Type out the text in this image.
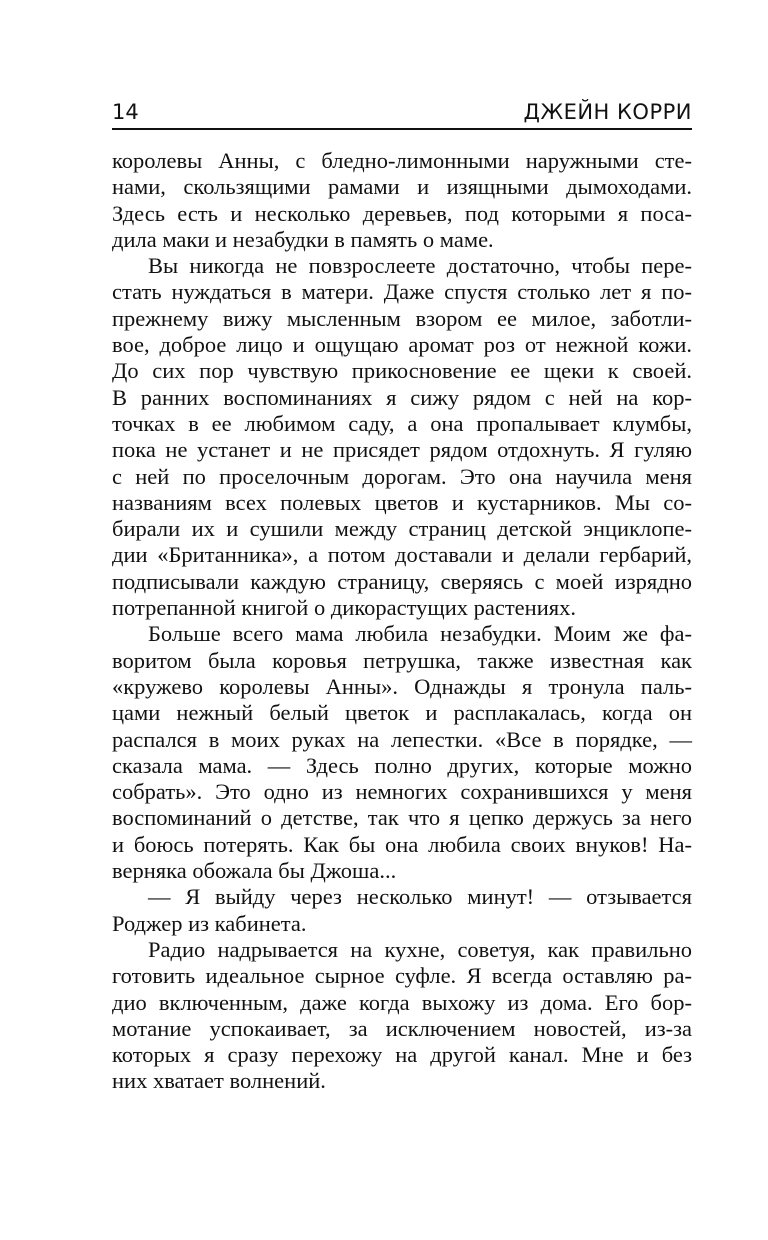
14	ДЖЕЙН КОРРИ
королевы Анны, с бледно-лимонными наружными сте-
нами, скользящими рамами и изящными дымоходами.
Здесь есть и несколько деревьев, под которыми я поса-
дила маки и незабудки в память о маме.
Вы никогда не повзрослеете достаточно, чтобы пере-
стать нуждаться в матери. Даже спустя столько лет я по-
прежнему вижу мысленным взором ее милое, заботли-
вое, доброе лицо и ощущаю аромат роз от нежной кожи.
До сих пор чувствую прикосновение ее щеки к своей.
В ранних воспоминаниях я сижу рядом с ней на кор-
точках в ее любимом саду, а она пропалывает клумбы,
пока не устанет и не присядет рядом отдохнуть. Я гуляю
с ней по проселочным дорогам. Это она научила меня
названиям всех полевых цветов и кустарников. Мы со-
бирали их и сушили между страниц детской энциклопе-
дии «Британника», а потом доставали и делали гербарий,
подписывали каждую страницу, сверяясь с моей изрядно
потрепанной книгой о дикорастущих растениях.
Больше всего мама любила незабудки. Моим же фа-
воритом была коровья петрушка, также известная как
«кружево королевы Анны». Однажды я тронула паль-
цами нежный белый цветок и расплакалась, когда он
распался в моих руках на лепестки. «Все в порядке, —
сказала мама. — Здесь полно других, которые можно
собрать». Это одно из немногих сохранившихся у меня
воспоминаний о детстве, так что я цепко держусь за него
и боюсь потерять. Как бы она любила своих внуков! На-
верняка обожала бы Джоша...
— Я выйду через несколько минут! — отзывается
Роджер из кабинета.
Радио надрывается на кухне, советуя, как правильно
готовить идеальное сырное суфле. Я всегда оставляю ра-
дио включенным, даже когда выхожу из дома. Его бор-
мотание успокаивает, за исключением новостей, из-за
которых я сразу перехожу на другой канал. Мне и без
них хватает волнений.
